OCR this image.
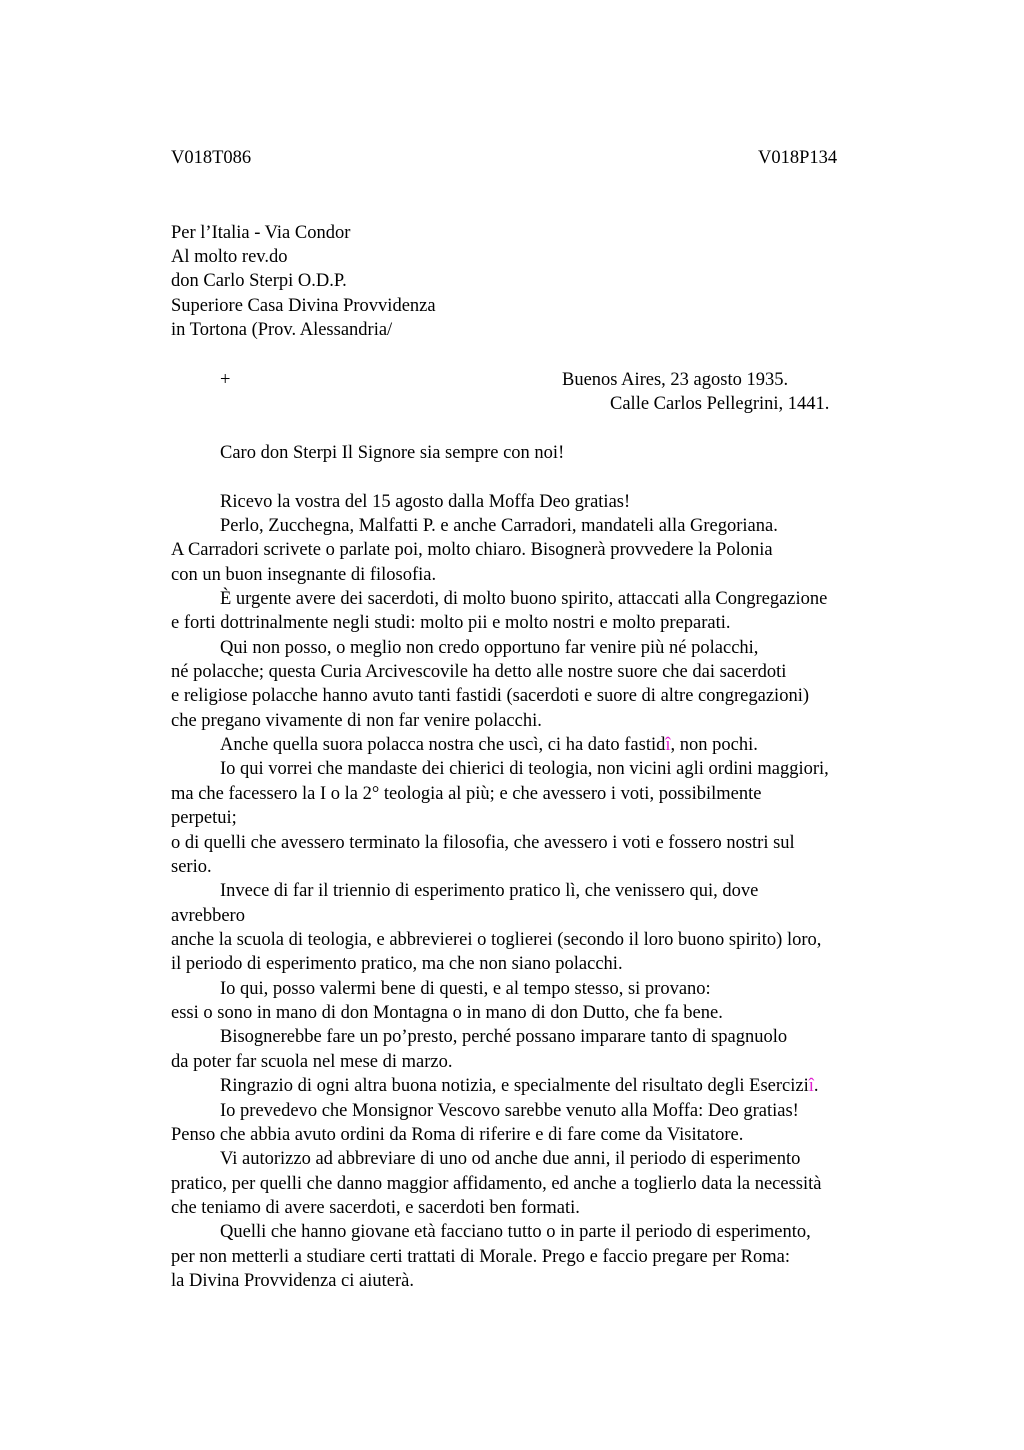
V018T086	V018P134
Per l’Italia - Via Condor
Al molto rev.do
don Carlo Sterpi O.D.P.
Superiore Casa Divina Provvidenza
in Tortona (Prov. Alessandria/
+	Buenos Aires, 23 agosto 1935.
Calle Carlos Pellegrini, 1441.
Caro don Sterpi Il Signore sia sempre con noi!
Ricevo la vostra del 15 agosto dalla Moffa Deo gratias!
Perlo, Zucchegna, Malfatti P. e anche Carradori, mandateli alla Gregoriana.
A Carradori scrivete o parlate poi, molto chiaro. Bisognerà provvedere la Polonia
con un buon insegnante di filosofia.
È urgente avere dei sacerdoti, di molto buono spirito, attaccati alla Congregazione
e forti dottrinalmente negli studi: molto pii e molto nostri e molto preparati.
Qui non posso, o meglio non credo opportuno far venire più né polacchi,
né polacche; questa Curia Arcivescovile ha detto alle nostre suore che dai sacerdoti
e religiose polacche hanno avuto tanti fastidi (sacerdoti e suore di altre congregazioni)
che pregano vivamente di non far venire polacchi.
Anche quella suora polacca nostra che uscì, ci ha dato fastidî, non pochi.
Io qui vorrei che mandaste dei chierici di teologia, non vicini agli ordini maggiori,
ma che facessero la I o la 2° teologia al più; e che avessero i voti, possibilmente
perpetui;
o di quelli che avessero terminato la filosofia, che avessero i voti e fossero nostri sul
serio.
Invece di far il triennio di esperimento pratico lì, che venissero qui, dove
avrebbero
anche la scuola di teologia, e abbrevierei o toglierei (secondo il loro buono spirito) loro,
il periodo di esperimento pratico, ma che non siano polacchi.
Io qui, posso valermi bene di questi, e al tempo stesso, si provano:
essi o sono in mano di don Montagna o in mano di don Dutto, che fa bene.
Bisognerebbe fare un po’presto, perché possano imparare tanto di spagnuolo
da poter far scuola nel mese di marzo.
Ringrazio di ogni altra buona notizia, e specialmente del risultato degli Eserciziî.
Io prevedevo che Monsignor Vescovo sarebbe venuto alla Moffa: Deo gratias!
Penso che abbia avuto ordini da Roma di riferire e di fare come da Visitatore.
Vi autorizzo ad abbreviare di uno od anche due anni, il periodo di esperimento
pratico, per quelli che danno maggior affidamento, ed anche a toglierlo data la necessità
che teniamo di avere sacerdoti, e sacerdoti ben formati.
Quelli che hanno giovane età facciano tutto o in parte il periodo di esperimento,
per non metterli a studiare certi trattati di Morale. Prego e faccio pregare per Roma:
la Divina Provvidenza ci aiuterà.
